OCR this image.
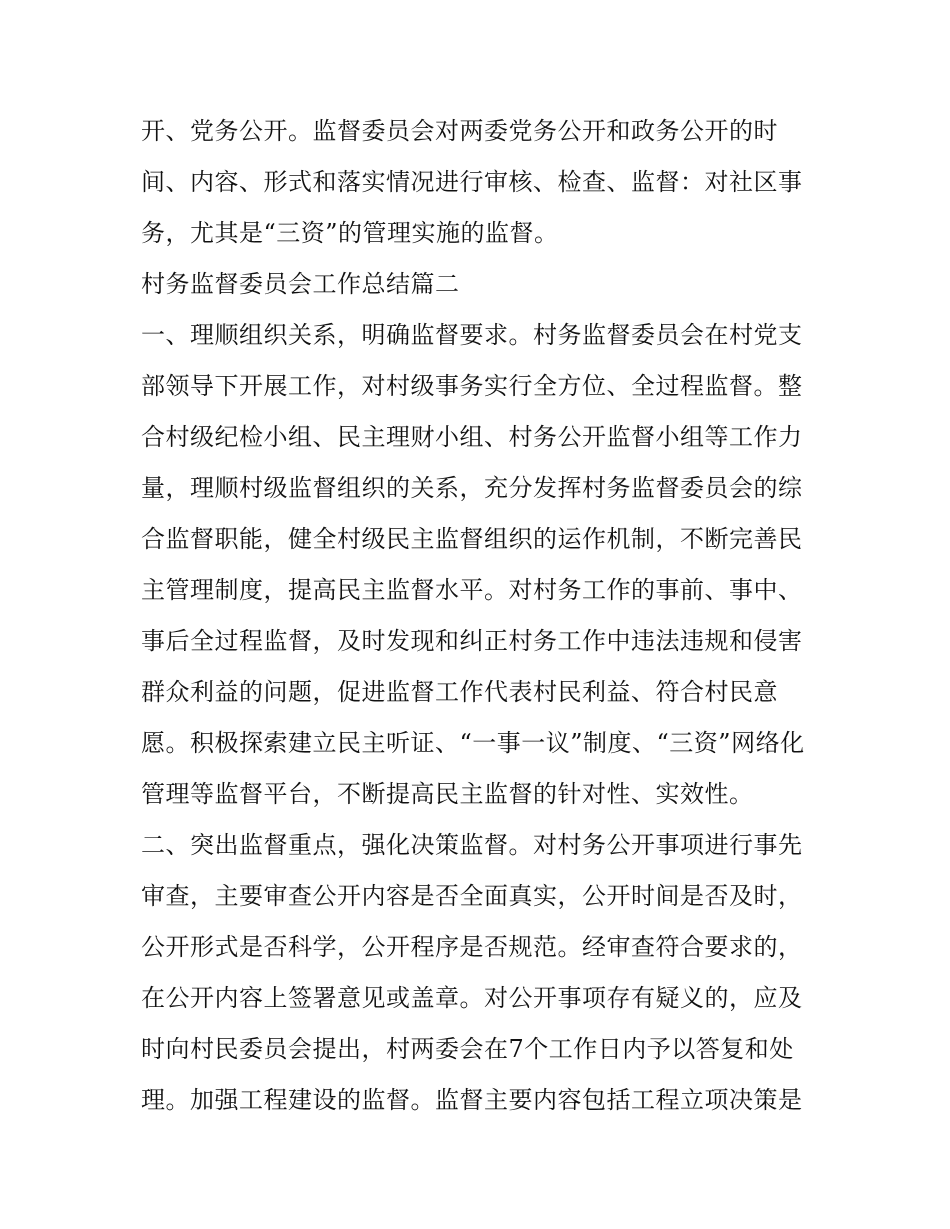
开、党务公开。监督委员会对两委党务公开和政务公开的时
间、内容、形式和落实情况进行审核、检查、监督：对社区事
务，尤其是“三资”的管理实施的监督。
村务监督委员会工作总结篇二
一、理顺组织关系，明确监督要求。村务监督委员会在村党支
部领导下开展工作，对村级事务实行全方位、全过程监督。整
合村级纪检小组、民主理财小组、村务公开监督小组等工作力
量，理顺村级监督组织的关系，充分发挥村务监督委员会的综
合监督职能，健全村级民主监督组织的运作机制，不断完善民
主管理制度，提高民主监督水平。对村务工作的事前、事中、
事后全过程监督，及时发现和纠正村务工作中违法违规和侵害
群众利益的问题，促进监督工作代表村民利益、符合村民意
愿。积极探索建立民主听证、“一事一议”制度、“三资”网络化
管理等监督平台，不断提高民主监督的针对性、实效性。
二、突出监督重点，强化决策监督。对村务公开事项进行事先
审查，主要审查公开内容是否全面真实，公开时间是否及时，
公开形式是否科学，公开程序是否规范。经审查符合要求的，
在公开内容上签署意见或盖章。对公开事项存有疑义的，应及
时向村民委员会提出，村两委会在7个工作日内予以答复和处
理。加强工程建设的监督。监督主要内容包括工程立项决策是
